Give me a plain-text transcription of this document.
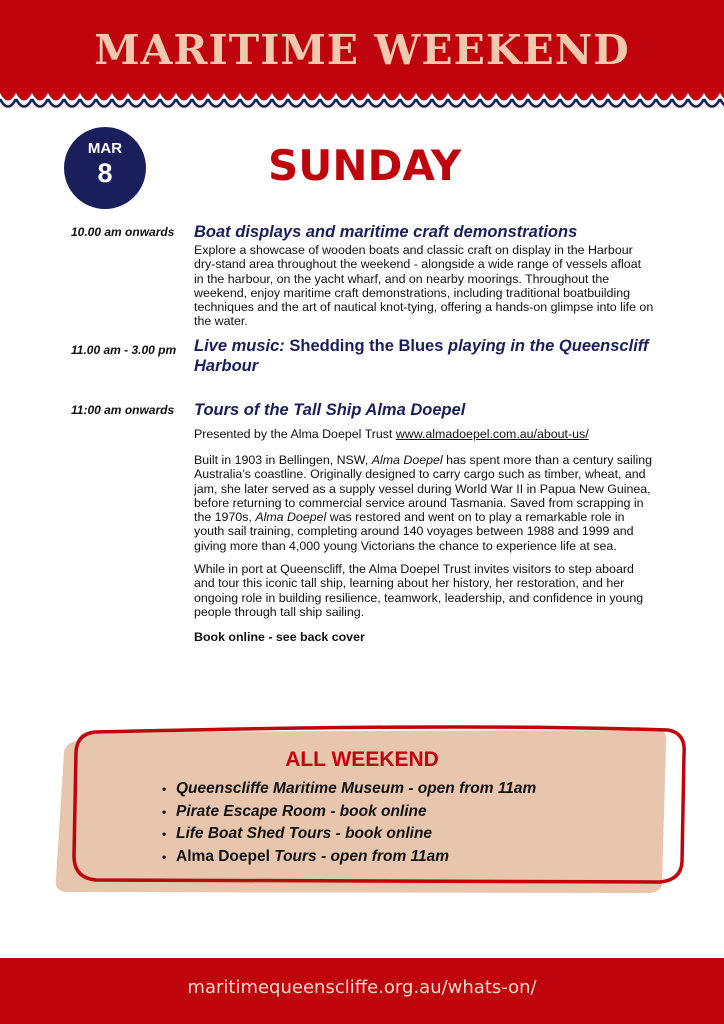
MARITIME WEEKEND
MAR
8	SUNDAY
10.00 am onwards Boat displays and maritime craft demonstrations

Explore a showcase of wooden boats and classic craft on display in the Harbour dry-stand area throughout the weekend - alongside a wide range of vessels afloat in the harbour, on the yacht wharf, and on nearby moorings. Throughout the weekend, enjoy maritime craft demonstrations, including traditional boatbuilding techniques and the art of nautical knot-tying, offering a hands-on glimpse into life on the water.

11.00 am - 3.00 pm Live music: Shedding the Blues playing in the Queenscliff Harbour
11:00 am onwards Tours of the Tall Ship Alma Doepel

Presented by the Alma Doepel Trust www.almadoepel.com.au/about-us/

Built in 1903 in Bellingen, NSW, Alma Doepel has spent more than a century sailing Australia’s coastline. Originally designed to carry cargo such as timber, wheat, and jam, she later served as a supply vessel during World War II in Papua New Guinea, before returning to commercial service around Tasmania. Saved from scrapping in the 1970s, Alma Doepel was restored and went on to play a remarkable role in youth sail training, completing around 140 voyages between 1988 and 1999 and giving more than 4,000 young Victorians the chance to experience life at sea.

While in port at Queenscliff, the Alma Doepel Trust invites visitors to step aboard and tour this iconic tall ship, learning about her history, her restoration, and her ongoing role in building resilience, teamwork, leadership, and confidence in young people through tall ship sailing.

Book online - see back cover

ALL WEEKEND
• Queenscliffe Maritime Museum - open from 11am
• Pirate Escape Room - book online
• Life Boat Shed Tours - book online
• Alma Doepel Tours - open from 11am
maritimequeenscliffe.org.au/whats-on/
